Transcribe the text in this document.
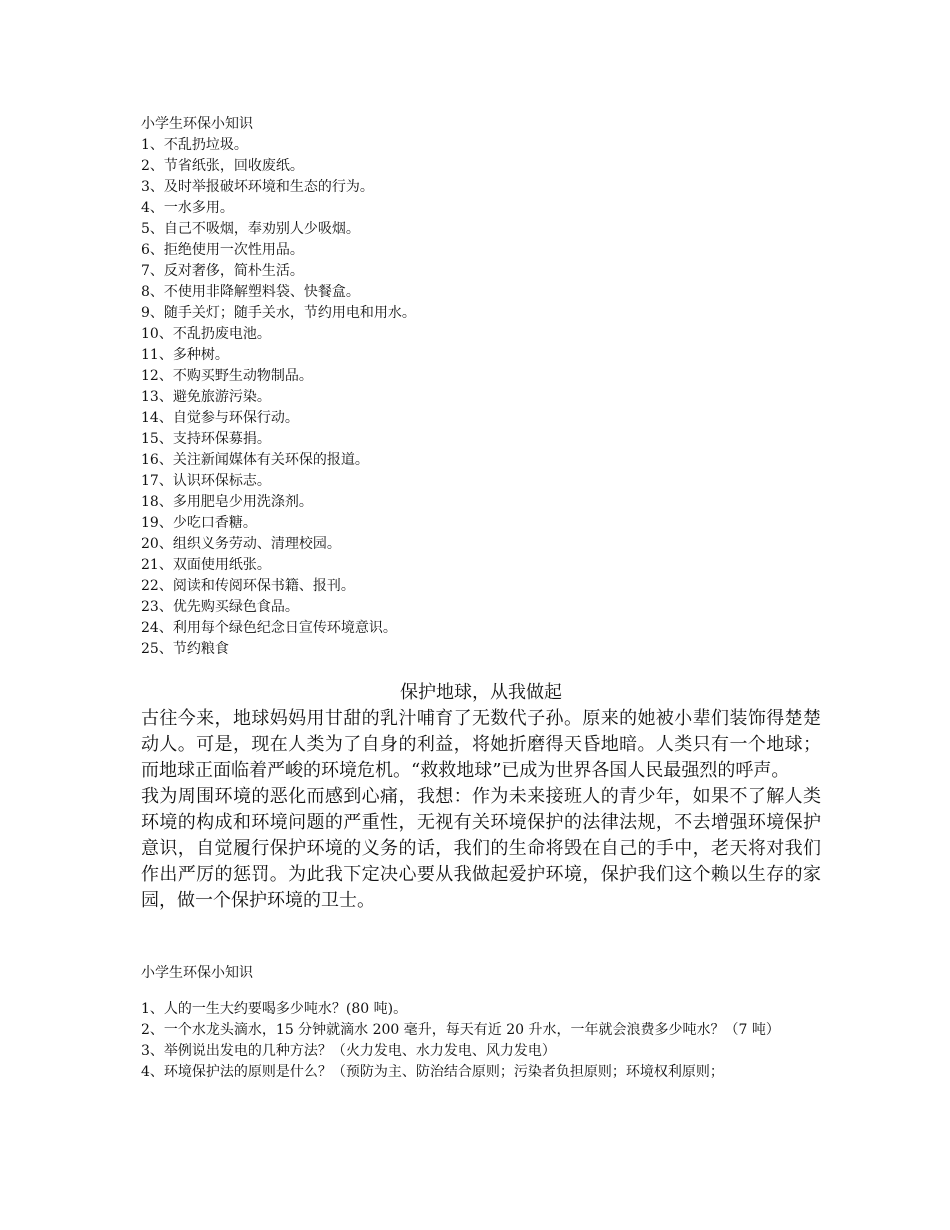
小学生环保小知识
1、不乱扔垃圾。
2、节省纸张，回收废纸。
3、及时举报破坏环境和生态的行为。
4、一水多用。
5、自己不吸烟，奉劝别人少吸烟。
6、拒绝使用一次性用品。
7、反对奢侈，简朴生活。
8、不使用非降解塑料袋、快餐盒。
9、随手关灯；随手关水，节约用电和用水。
10、不乱扔废电池。
11、多种树。
12、不购买野生动物制品。
13、避免旅游污染。
14、自觉参与环保行动。
15、支持环保募捐。
16、关注新闻媒体有关环保的报道。
17、认识环保标志。
18、多用肥皂少用洗涤剂。
19、少吃口香糖。
20、组织义务劳动、清理校园。
21、双面使用纸张。
22、阅读和传阅环保书籍、报刊。
23、优先购买绿色食品。
24、利用每个绿色纪念日宣传环境意识。
25、节约粮食
保护地球，从我做起

古往今来，地球妈妈用甘甜的乳汁哺育了无数代子孙。原来的她被小辈们装饰得楚楚动人。可是，现在人类为了自身的利益，将她折磨得天昏地暗。人类只有一个地球；而地球正面临着严峻的环境危机。“救救地球”已成为世界各国人民最强烈的呼声。

我为周围环境的恶化而感到心痛，我想：作为未来接班人的青少年，如果不了解人类环境的构成和环境问题的严重性，无视有关环境保护的法律法规，不去增强环境保护意识，自觉履行保护环境的义务的话，我们的生命将毁在自己的手中，老天将对我们作出严厉的惩罚。为此我下定决心要从我做起爱护环境，保护我们这个赖以生存的家园，做一个保护环境的卫士。

小学生环保小知识

1、人的一生大约要喝多少吨水？(80 吨)。

2、一个水龙头滴水，15 分钟就滴水 200 毫升，每天有近 20 升水，一年就会浪费多少吨水？（7 吨）

3、举例说出发电的几种方法？（火力发电、水力发电、风力发电）

4、环境保护法的原则是什么？（预防为主、防治结合原则；污染者负担原则；环境权利原则；
